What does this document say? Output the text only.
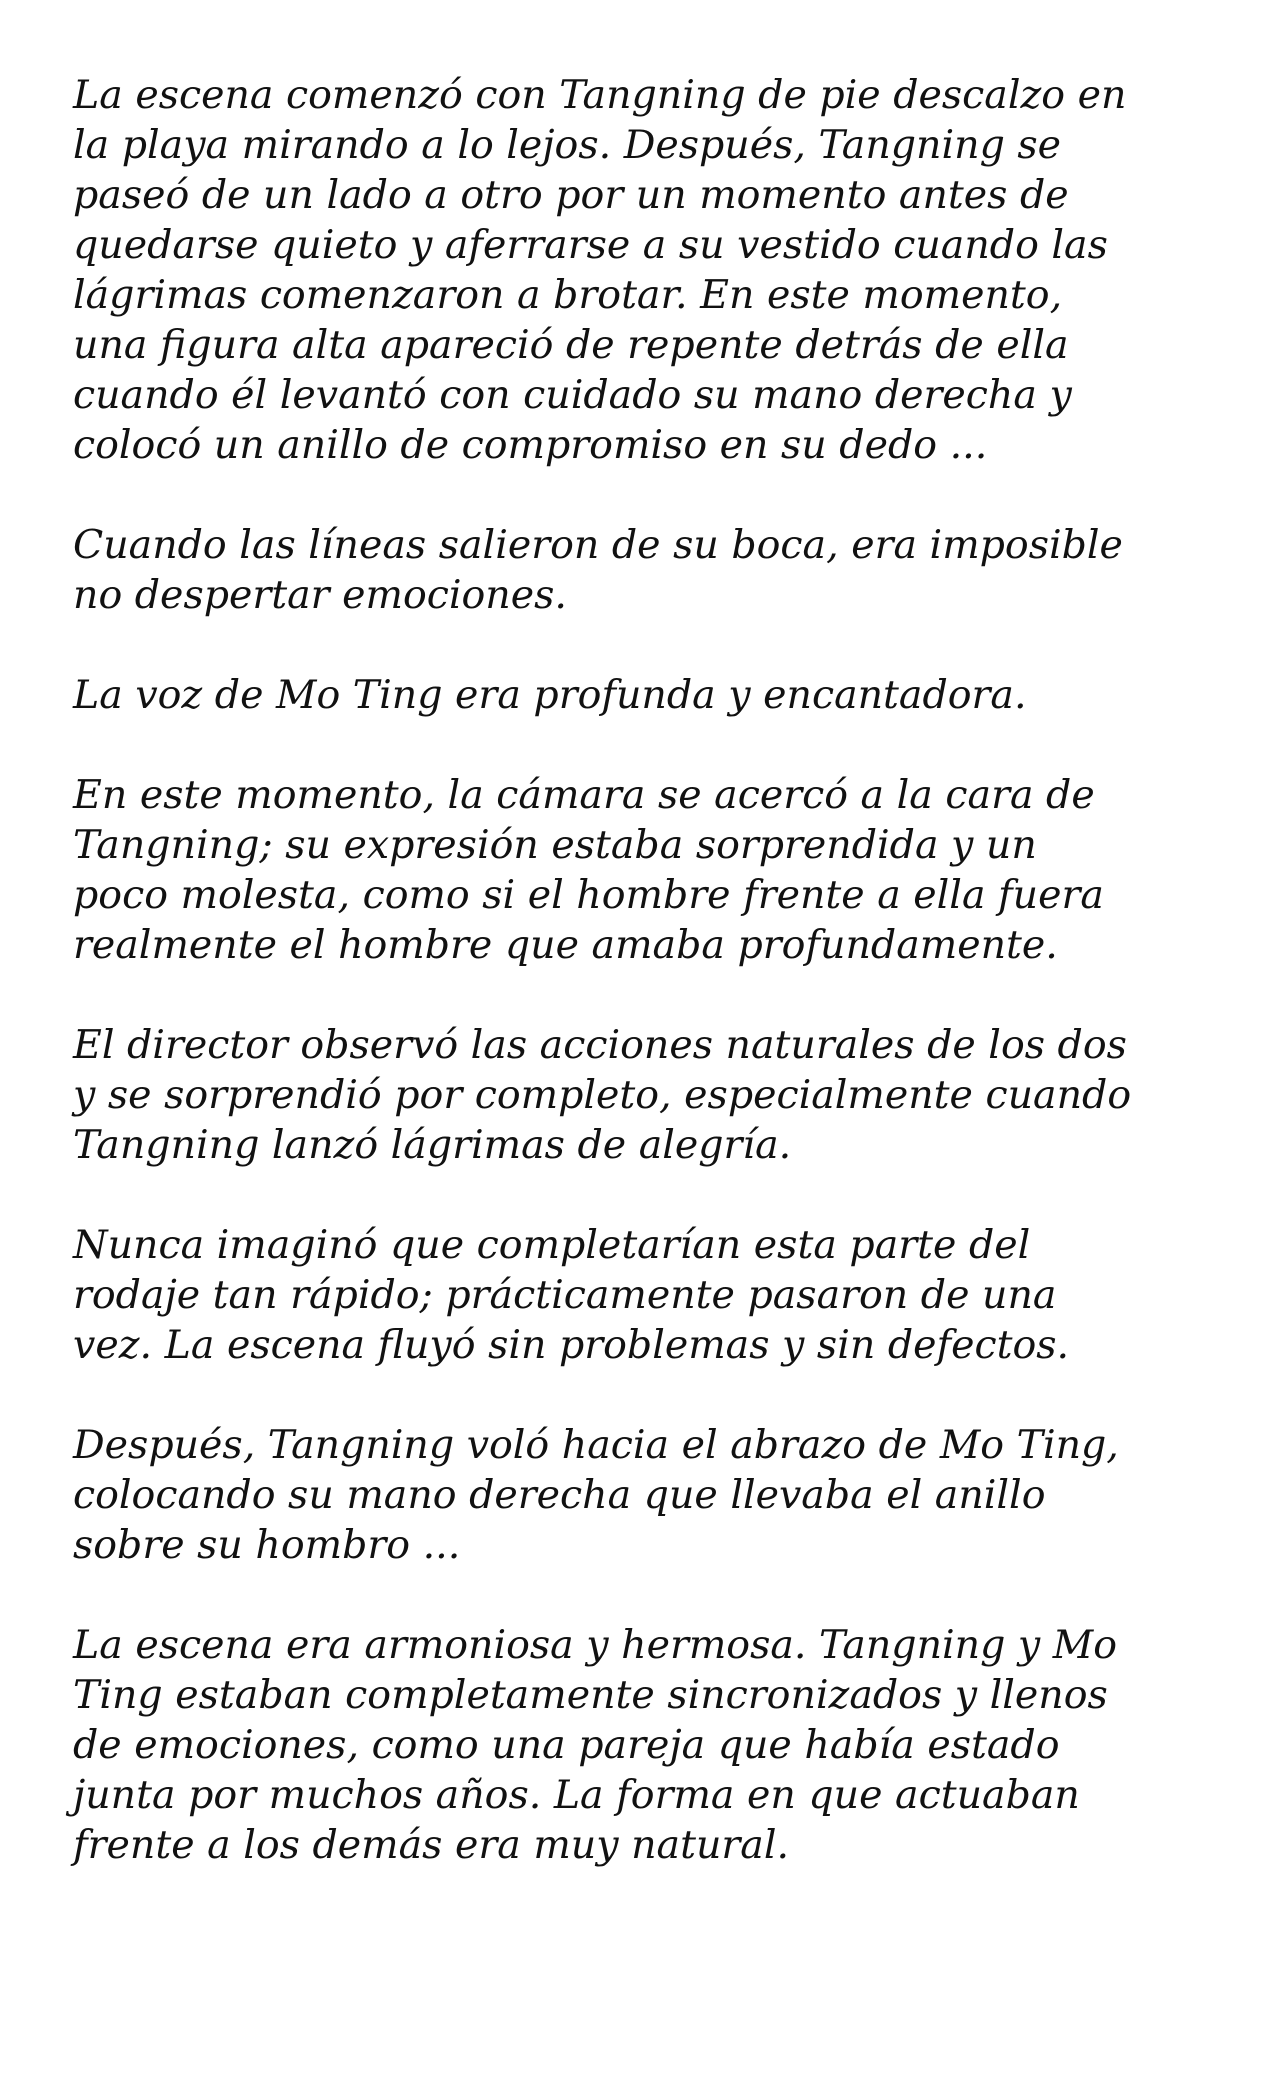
La escena comenzó con Tangning de pie descalzo en
la playa mirando a lo lejos. Después, Tangning se
paseó de un lado a otro por un momento antes de
quedarse quieto y aferrarse a su vestido cuando las
lágrimas comenzaron a brotar. En este momento,
una figura alta apareció de repente detrás de ella
cuando él levantó con cuidado su mano derecha y
colocó un anillo de compromiso en su dedo ...

Cuando las líneas salieron de su boca, era imposible
no despertar emociones.

La voz de Mo Ting era profunda y encantadora.

En este momento, la cámara se acercó a la cara de
Tangning; su expresión estaba sorprendida y un
poco molesta, como si el hombre frente a ella fuera
realmente el hombre que amaba profundamente.

El director observó las acciones naturales de los dos
y se sorprendió por completo, especialmente cuando
Tangning lanzó lágrimas de alegría.

Nunca imaginó que completarían esta parte del
rodaje tan rápido; prácticamente pasaron de una
vez. La escena fluyó sin problemas y sin defectos.

Después, Tangning voló hacia el abrazo de Mo Ting,
colocando su mano derecha que llevaba el anillo
sobre su hombro ...

La escena era armoniosa y hermosa. Tangning y Mo
Ting estaban completamente sincronizados y llenos
de emociones, como una pareja que había estado
junta por muchos años. La forma en que actuaban
frente a los demás era muy natural.
